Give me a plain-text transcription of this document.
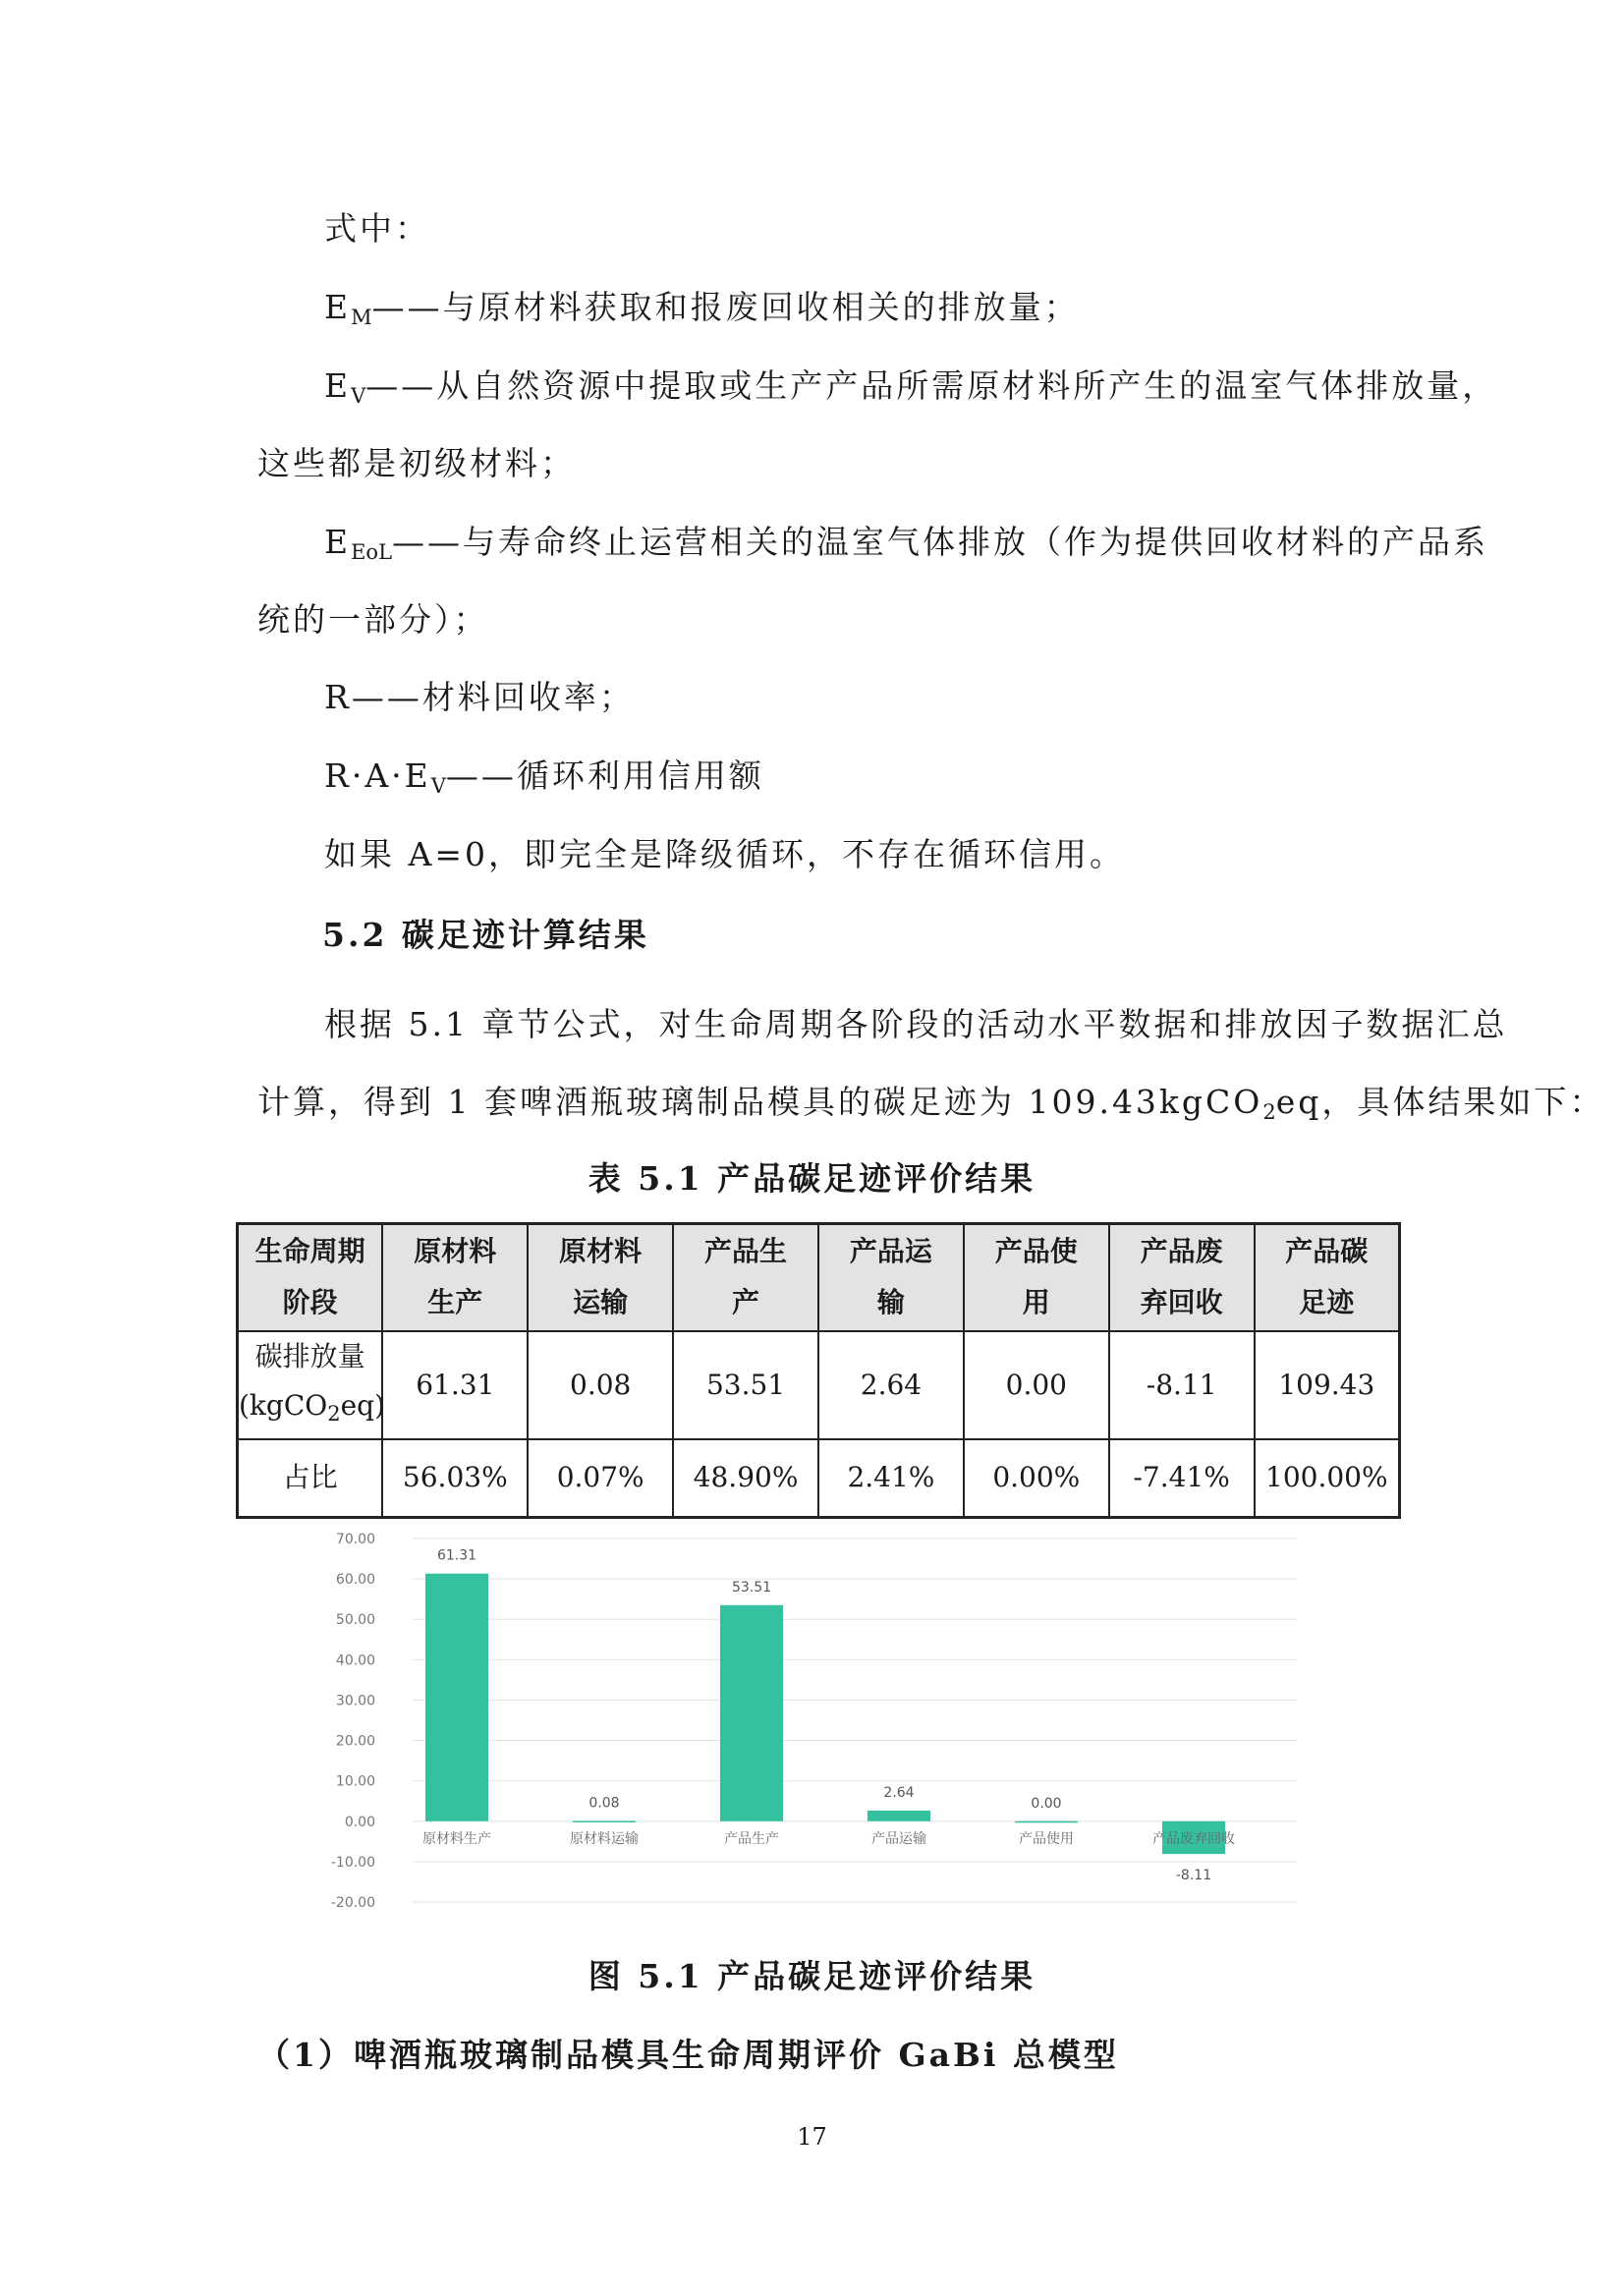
式中：
$E_M——$与原材料获取和报废回收相关的排放量；
$E_V——$从自然资源中提取或生产产品所需原材料所产生的温室气体排放量，
这些都是初级材料；
$E_{EoL}——$与寿命终止运营相关的温室气体排放（作为提供回收材料的产品系
统的一部分）；
R——材料回收率；
$R\cdot A\cdot E_V——$循环利用信用额
如果 A=0，即完全是降级循环，不存在循环信用。
5.2 碳足迹计算结果
根据 5.1 章节公式，对生命周期各阶段的活动水平数据和排放因子数据汇总
计算，得到 1 套啤酒瓶玻璃制品模具的碳足迹为 109.43kgCO$_2$eq，具体结果如下：
表 5.1 产品碳足迹评价结果
生命周期阶段	原材料生产	原材料运输	产品生产	产品运输	产品使用	产品废弃回收	产品碳足迹

碳排放量
(kgCO$_2$eq)	61.31	0.08	53.51	2.64	0.00	-8.11	109.43
占比	56.03%	0.07%	48.90%	2.41%	0.00%	-7.41%	100.00%
70.00
60.00
50.00
40.00
30.00
20.00
10.00
0.00
-10.00
-20.00
61.31
原材料生产
0.08
原材料运输
53.51
产品生产
2.64
产品运输
0.00
产品使用
-8.11
产品废弃回收
图 5.1 产品碳足迹评价结果
（1）啤酒瓶玻璃制品模具生命周期评价 GaBi 总模型
17
